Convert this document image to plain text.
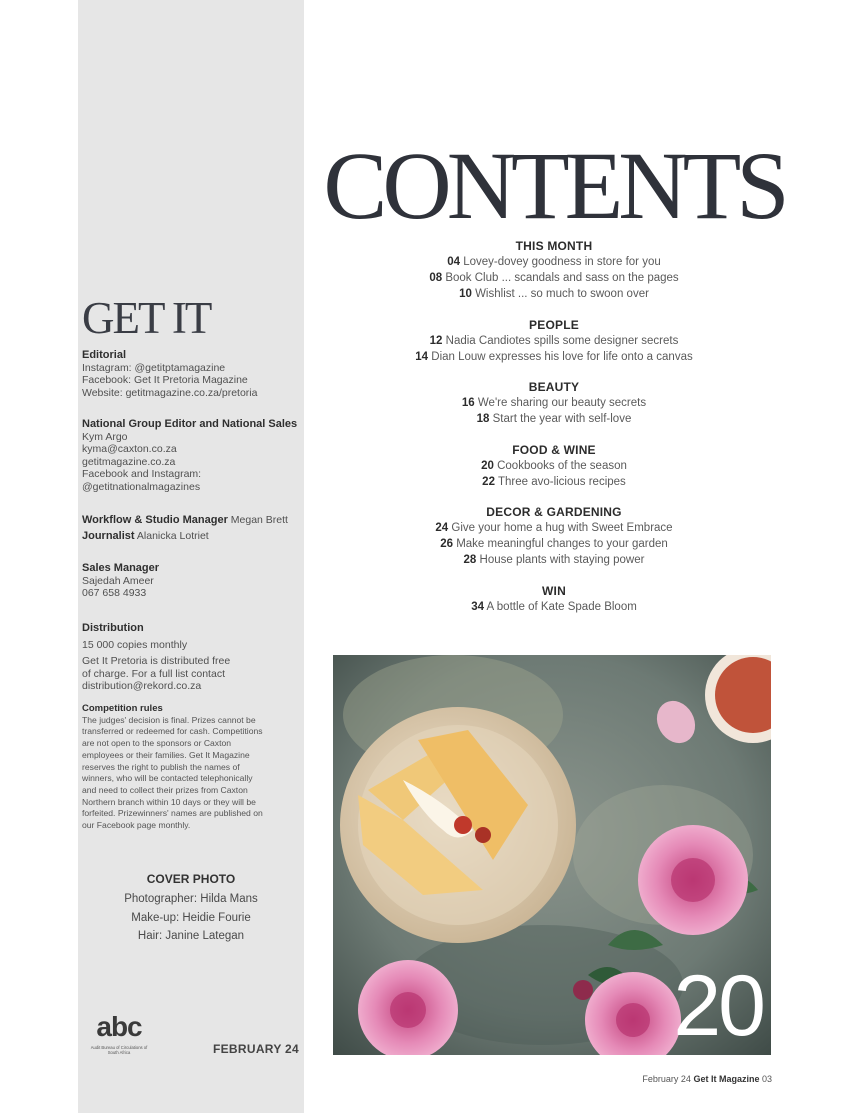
GET IT
Editorial
Instagram: @getitptamagazine
Facebook: Get It Pretoria Magazine
Website: getitmagazine.co.za/pretoria
National Group Editor and National Sales
Kym Argo
kyma@caxton.co.za
getitmagazine.co.za
Facebook and Instagram:
@getitnationalmagazines
Workflow & Studio Manager Megan Brett
Journalist Alanicka Lotriet
Sales Manager
Sajedah Ameer
067 658 4933
Distribution
15 000 copies monthly
Get It Pretoria is distributed free
of charge. For a full list contact
distribution@rekord.co.za
Competition rules
The judges' decision is final. Prizes cannot be
transferred or redeemed for cash. Competitions
are not open to the sponsors or Caxton
employees or their families. Get It Magazine
reserves the right to publish the names of
winners, who will be contacted telephonically
and need to collect their prizes from Caxton
Northern branch within 10 days or they will be
forfeited. Prizewinners' names are published on
our Facebook page monthly.
COVER PHOTO
Photographer: Hilda Mans
Make-up: Heidie Fourie
Hair: Janine Lategan
abc
Audit Bureau of Circulations of South Africa	FEBRUARY 24
CONTENTS
THIS MONTH
04 Lovey-dovey goodness in store for you
08 Book Club ... scandals and sass on the pages
10 Wishlist ... so much to swoon over
PEOPLE
12 Nadia Candiotes spills some designer secrets
14 Dian Louw expresses his love for life onto a canvas
BEAUTY
16 We're sharing our beauty secrets
18 Start the year with self-love
FOOD & WINE
20 Cookbooks of the season
22 Three avo-licious recipes
DECOR & GARDENING
24 Give your home a hug with Sweet Embrace
26 Make meaningful changes to your garden
28 House plants with staying power
WIN
34 A bottle of Kate Spade Bloom
20
February 24 Get It Magazine 03
